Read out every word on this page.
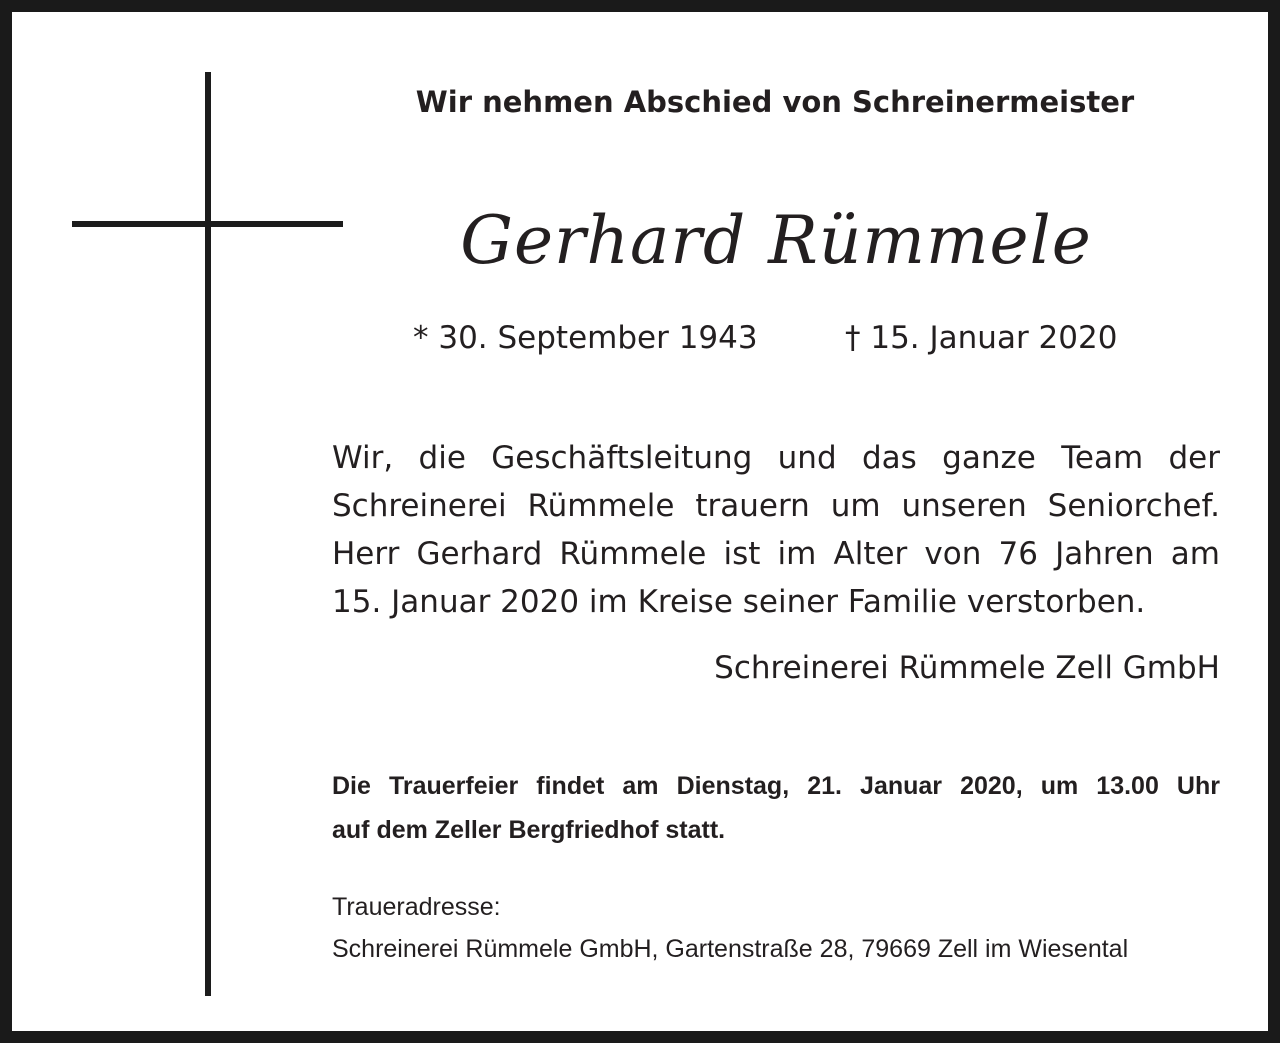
Wir nehmen Abschied von Schreinermeister
Gerhard Rümmele
* 30. September 1943	† 15. Januar 2020
Wir, die Geschäftsleitung und das ganze Team der
Schreinerei Rümmele trauern um unseren Seniorchef.
Herr Gerhard Rümmele ist im Alter von 76 Jahren am
15. Januar 2020 im Kreise seiner Familie verstorben.
Schreinerei Rümmele Zell GmbH
Die Trauerfeier findet am Dienstag, 21. Januar 2020, um 13.00 Uhr
auf dem Zeller Bergfriedhof statt.
Traueradresse:
Schreinerei Rümmele GmbH, Gartenstraße 28, 79669 Zell im Wiesental
